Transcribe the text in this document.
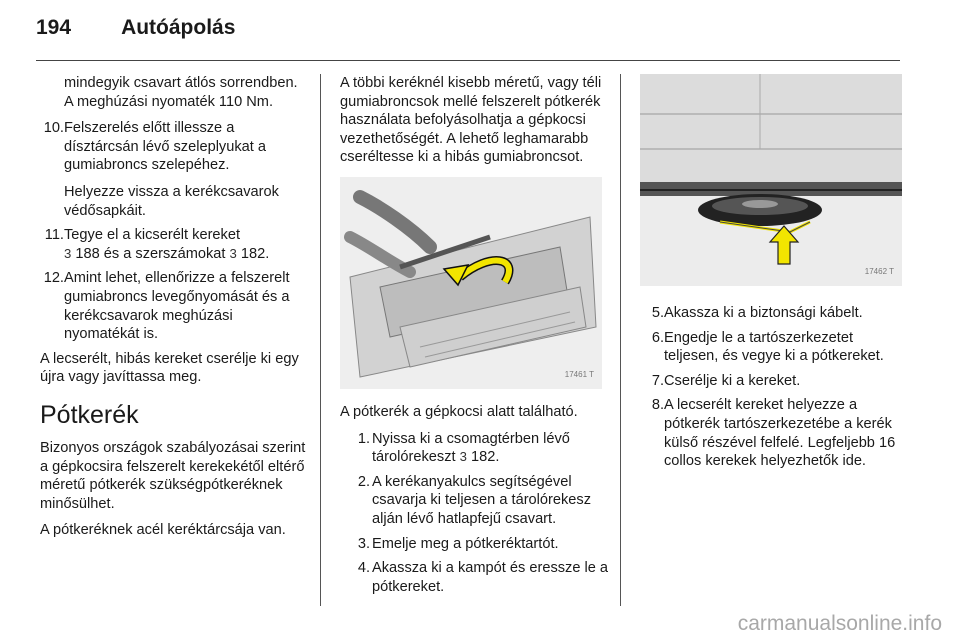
194 Autóápolás

mindegyik csavart átlós sorrendben. A meghúzási nyomaték 110 Nm.

10. Felszerelés előtt illessze a dísztárcsán lévő szeleplyukat a gumiabroncs szelepéhez.

Helyezze vissza a kerékcsavarok védősapkáit.

11. Tegye el a kicserélt kereket
3 188 és a szerszámokat 3 182.
12. Amint lehet, ellenőrizze a felszerelt gumiabroncs levegőnyomását és a kerékcsavarok meghúzási nyomatékát is.

A lecserélt, hibás kereket cserélje ki egy újra vagy javíttassa meg.

Pótkerék

Bizonyos országok szabályozásai szerint a gépkocsira felszerelt kerekekétől eltérő méretű pótkerék szükségpótkeréknek minősülhet.

A pótkeréknek acél keréktárcsája van.

A többi keréknél kisebb méretű, vagy téli gumiabroncsok mellé felszerelt pótkerék használata befolyásolhatja a gépkocsi vezethetőségét. A lehető leghamarabb cseréltesse ki a hibás gumiabroncsot.

17461 T

A pótkerék a gépkocsi alatt található.

1. Nyissa ki a csomagtérben lévő tárolórekeszt 3 182.
2. A kerékanyakulcs segítségével csavarja ki teljesen a tárolórekesz alján lévő hatlapfejű csavart.
3. Emelje meg a pótkeréktartót.
4. Akassza ki a kampót és eressze le a pótkereket.
17462 T
5. Akassza ki a biztonsági kábelt.
6. Engedje le a tartószerkezetet teljesen, és vegye ki a pótkereket.
7. Cserélje ki a kereket.
8. A lecserélt kereket helyezze a pótkerék tartószerkezetébe a kerék külső részével felfelé. Legfeljebb 16 collos kerekek helyezhetők ide.
carmanualsonline.info
